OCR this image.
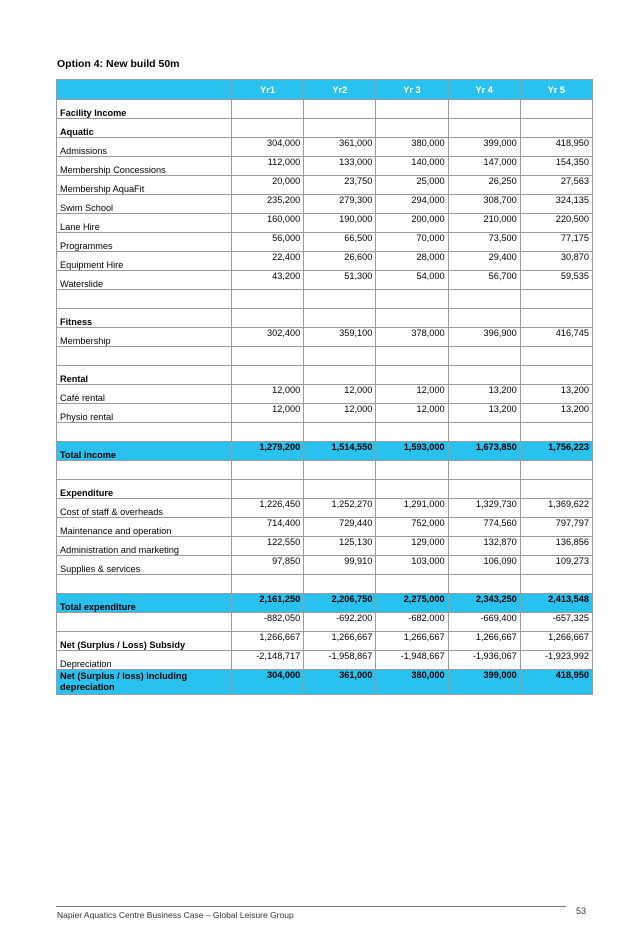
Option 4: New build 50m
	Yr1	Yr2	Yr 3	Yr 4	Yr 5
Facility Income					
Aquatic					
Admissions	304,000	361,000	380,000	399,000	418,950
Membership Concessions	112,000	133,000	140,000	147,000	154,350
Membership AquaFit	20,000	23,750	25,000	26,250	27,563
Swim School	235,200	279,300	294,000	308,700	324,135
Lane Hire	160,000	190,000	200,000	210,000	220,500
Programmes	56,000	66,500	70,000	73,500	77,175
Equipment Hire	22,400	26,600	28,000	29,400	30,870
Waterslide	43,200	51,300	54,000	56,700	59,535

Fitness					
Membership	302,400	359,100	378,000	396,900	416,745

Rental					
Café rental	12,000	12,000	12,000	13,200	13,200
Physio rental	12,000	12,000	12,000	13,200	13,200

Total income	1,279,200	1,514,550	1,593,000	1,673,850	1,756,223

Expenditure					
Cost of staff & overheads	1,226,450	1,252,270	1,291,000	1,329,730	1,369,622
Maintenance and operation	714,400	729,440	752,000	774,560	797,797
Administration and marketing	122,550	125,130	129,000	132,870	136,856
Supplies & services	97,850	99,910	103,000	106,090	109,273

Total expenditure	2,161,250	2,206,750	2,275,000	2,343,250	2,413,548
	-882,050	-692,200	-682,000	-669,400	-657,325
Net (Surplus / Loss) Subsidy	1,266,667	1,266,667	1,266,667	1,266,667	1,266,667
Depreciation	-2,148,717	-1,958,867	-1,948,667	-1,936,067	-1,923,992
Net (Surplus / loss) including depreciation	304,000	361,000	380,000	399,000	418,950
Napier Aquatics Centre Business Case – Global Leisure Group	53
